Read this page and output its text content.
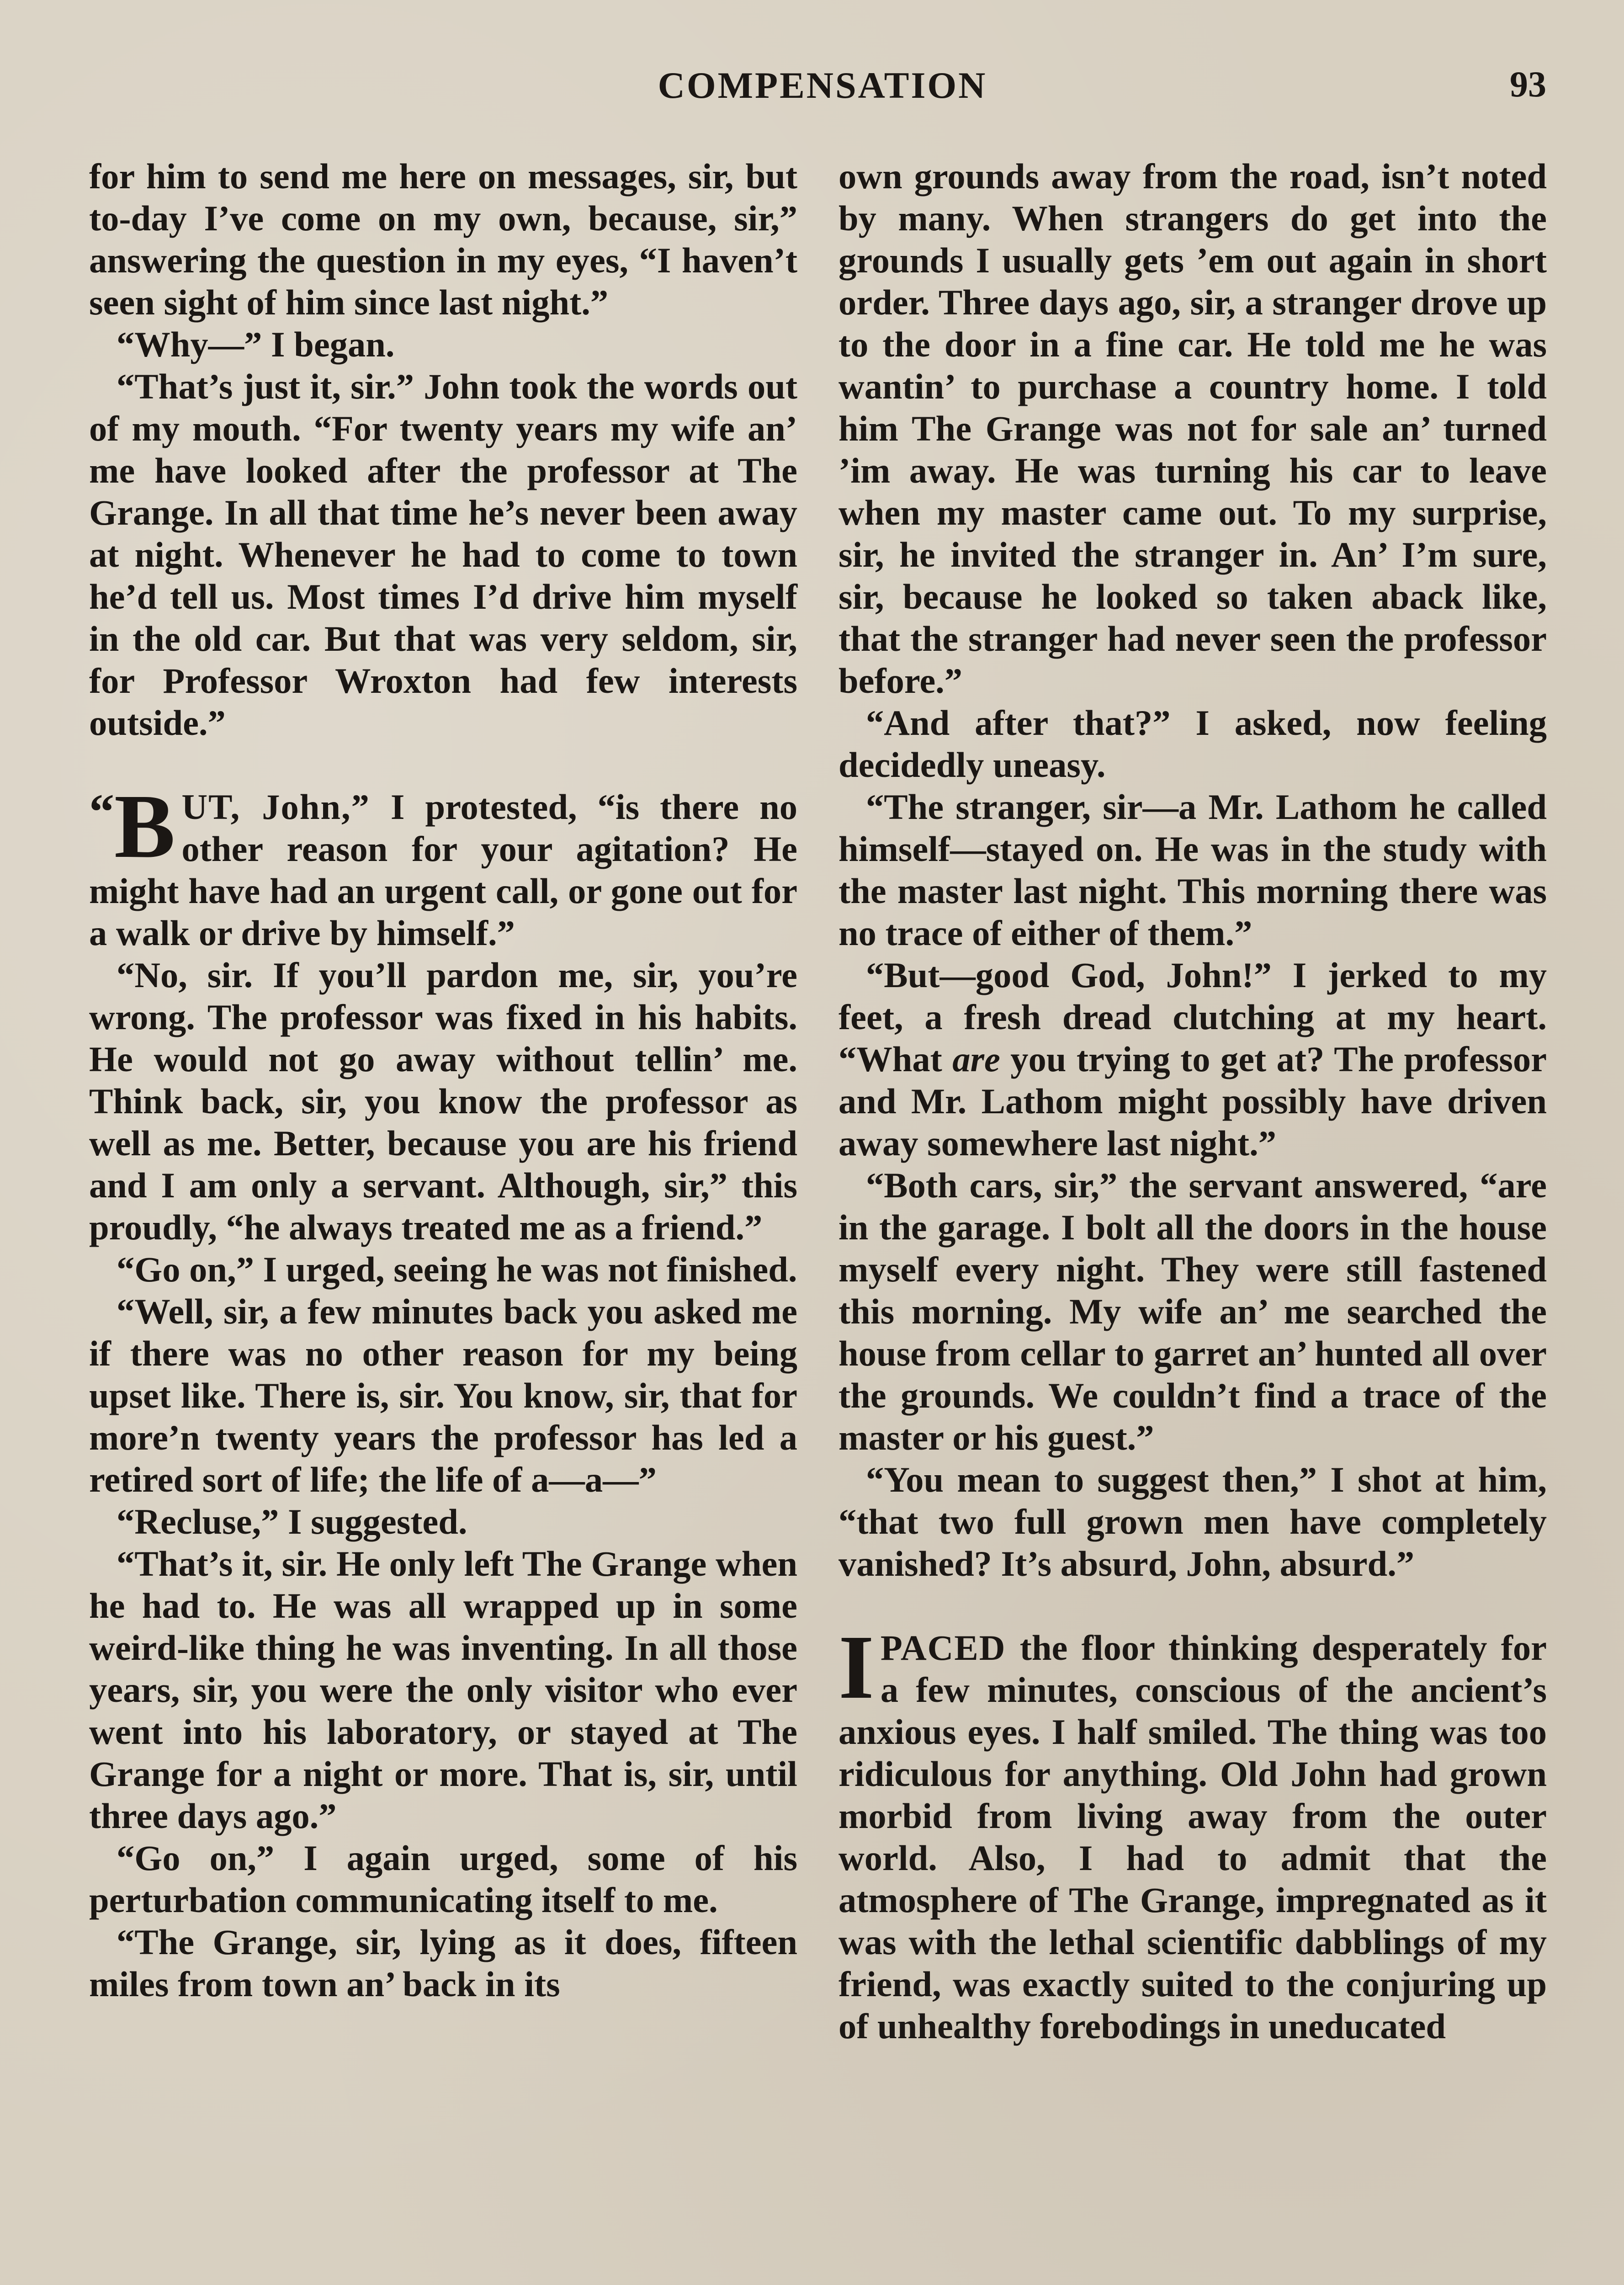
COMPENSATION	93

for him to send me here on messages, sir, but to-day I’ve come on my own, because, sir,” answering the question in my eyes, “I haven’t seen sight of him since last night.”

“Why—” I began.

“That’s just it, sir.” John took the words out of my mouth. “For twenty years my wife an’ me have looked after the professor at The Grange. In all that time he’s never been away at night. Whenever he had to come to town he’d tell us. Most times I’d drive him myself in the old car. But that was very seldom, sir, for Professor Wroxton had few interests outside.”

“ B UT, John,” I protested, “is there no other reason for your agitation? He might have had an urgent call, or gone out for a walk or drive by himself.”

“No, sir. If you’ll pardon me, sir, you’re wrong. The professor was fixed in his habits. He would not go away without tellin’ me. Think back, sir, you know the professor as well as me. Better, because you are his friend and I am only a servant. Although, sir,” this proudly, “he always treated me as a friend.”

“Go on,” I urged, seeing he was not finished.

“Well, sir, a few minutes back you asked me if there was no other reason for my being upset like. There is, sir. You know, sir, that for more’n twenty years the professor has led a retired sort of life; the life of a—a—”

“Recluse,” I suggested.

“That’s it, sir. He only left The Grange when he had to. He was all wrapped up in some weird-like thing he was inventing. In all those years, sir, you were the only visitor who ever went into his laboratory, or stayed at The Grange for a night or more. That is, sir, until three days ago.”

“Go on,” I again urged, some of his perturbation communicating itself to me.

“The Grange, sir, lying as it does, fifteen miles from town an’ back in its

own grounds away from the road, isn’t noted by many. When strangers do get into the grounds I usually gets ’em out again in short order. Three days ago, sir, a stranger drove up to the door in a fine car. He told me he was wantin’ to purchase a country home. I told him The Grange was not for sale an’ turned ’im away. He was turning his car to leave when my master came out. To my surprise, sir, he invited the stranger in. An’ I’m sure, sir, because he looked so taken aback like, that the stranger had never seen the professor before.”

“And after that?” I asked, now feeling decidedly uneasy.

“The stranger, sir—a Mr. Lathom he called himself—stayed on. He was in the study with the master last night. This morning there was no trace of either of them.”

“But—good God, John!” I jerked to my feet, a fresh dread clutching at my heart. “What are you trying to get at? The professor and Mr. Lathom might possibly have driven away somewhere last night.”

“Both cars, sir,” the servant answered, “are in the garage. I bolt all the doors in the house myself every night. They were still fastened this morning. My wife an’ me searched the house from cellar to garret an’ hunted all over the grounds. We couldn’t find a trace of the master or his guest.”

“You mean to suggest then,” I shot at him, “that two full grown men have completely vanished? It’s absurd, John, absurd.”

I PACED the floor thinking desperately for a few minutes, conscious of the ancient’s anxious eyes. I half smiled. The thing was too ridiculous for anything. Old John had grown morbid from living away from the outer world. Also, I had to admit that the atmosphere of The Grange, impregnated as it was with the lethal scientific dabblings of my friend, was exactly suited to the conjuring up of unhealthy forebodings in uneducated
